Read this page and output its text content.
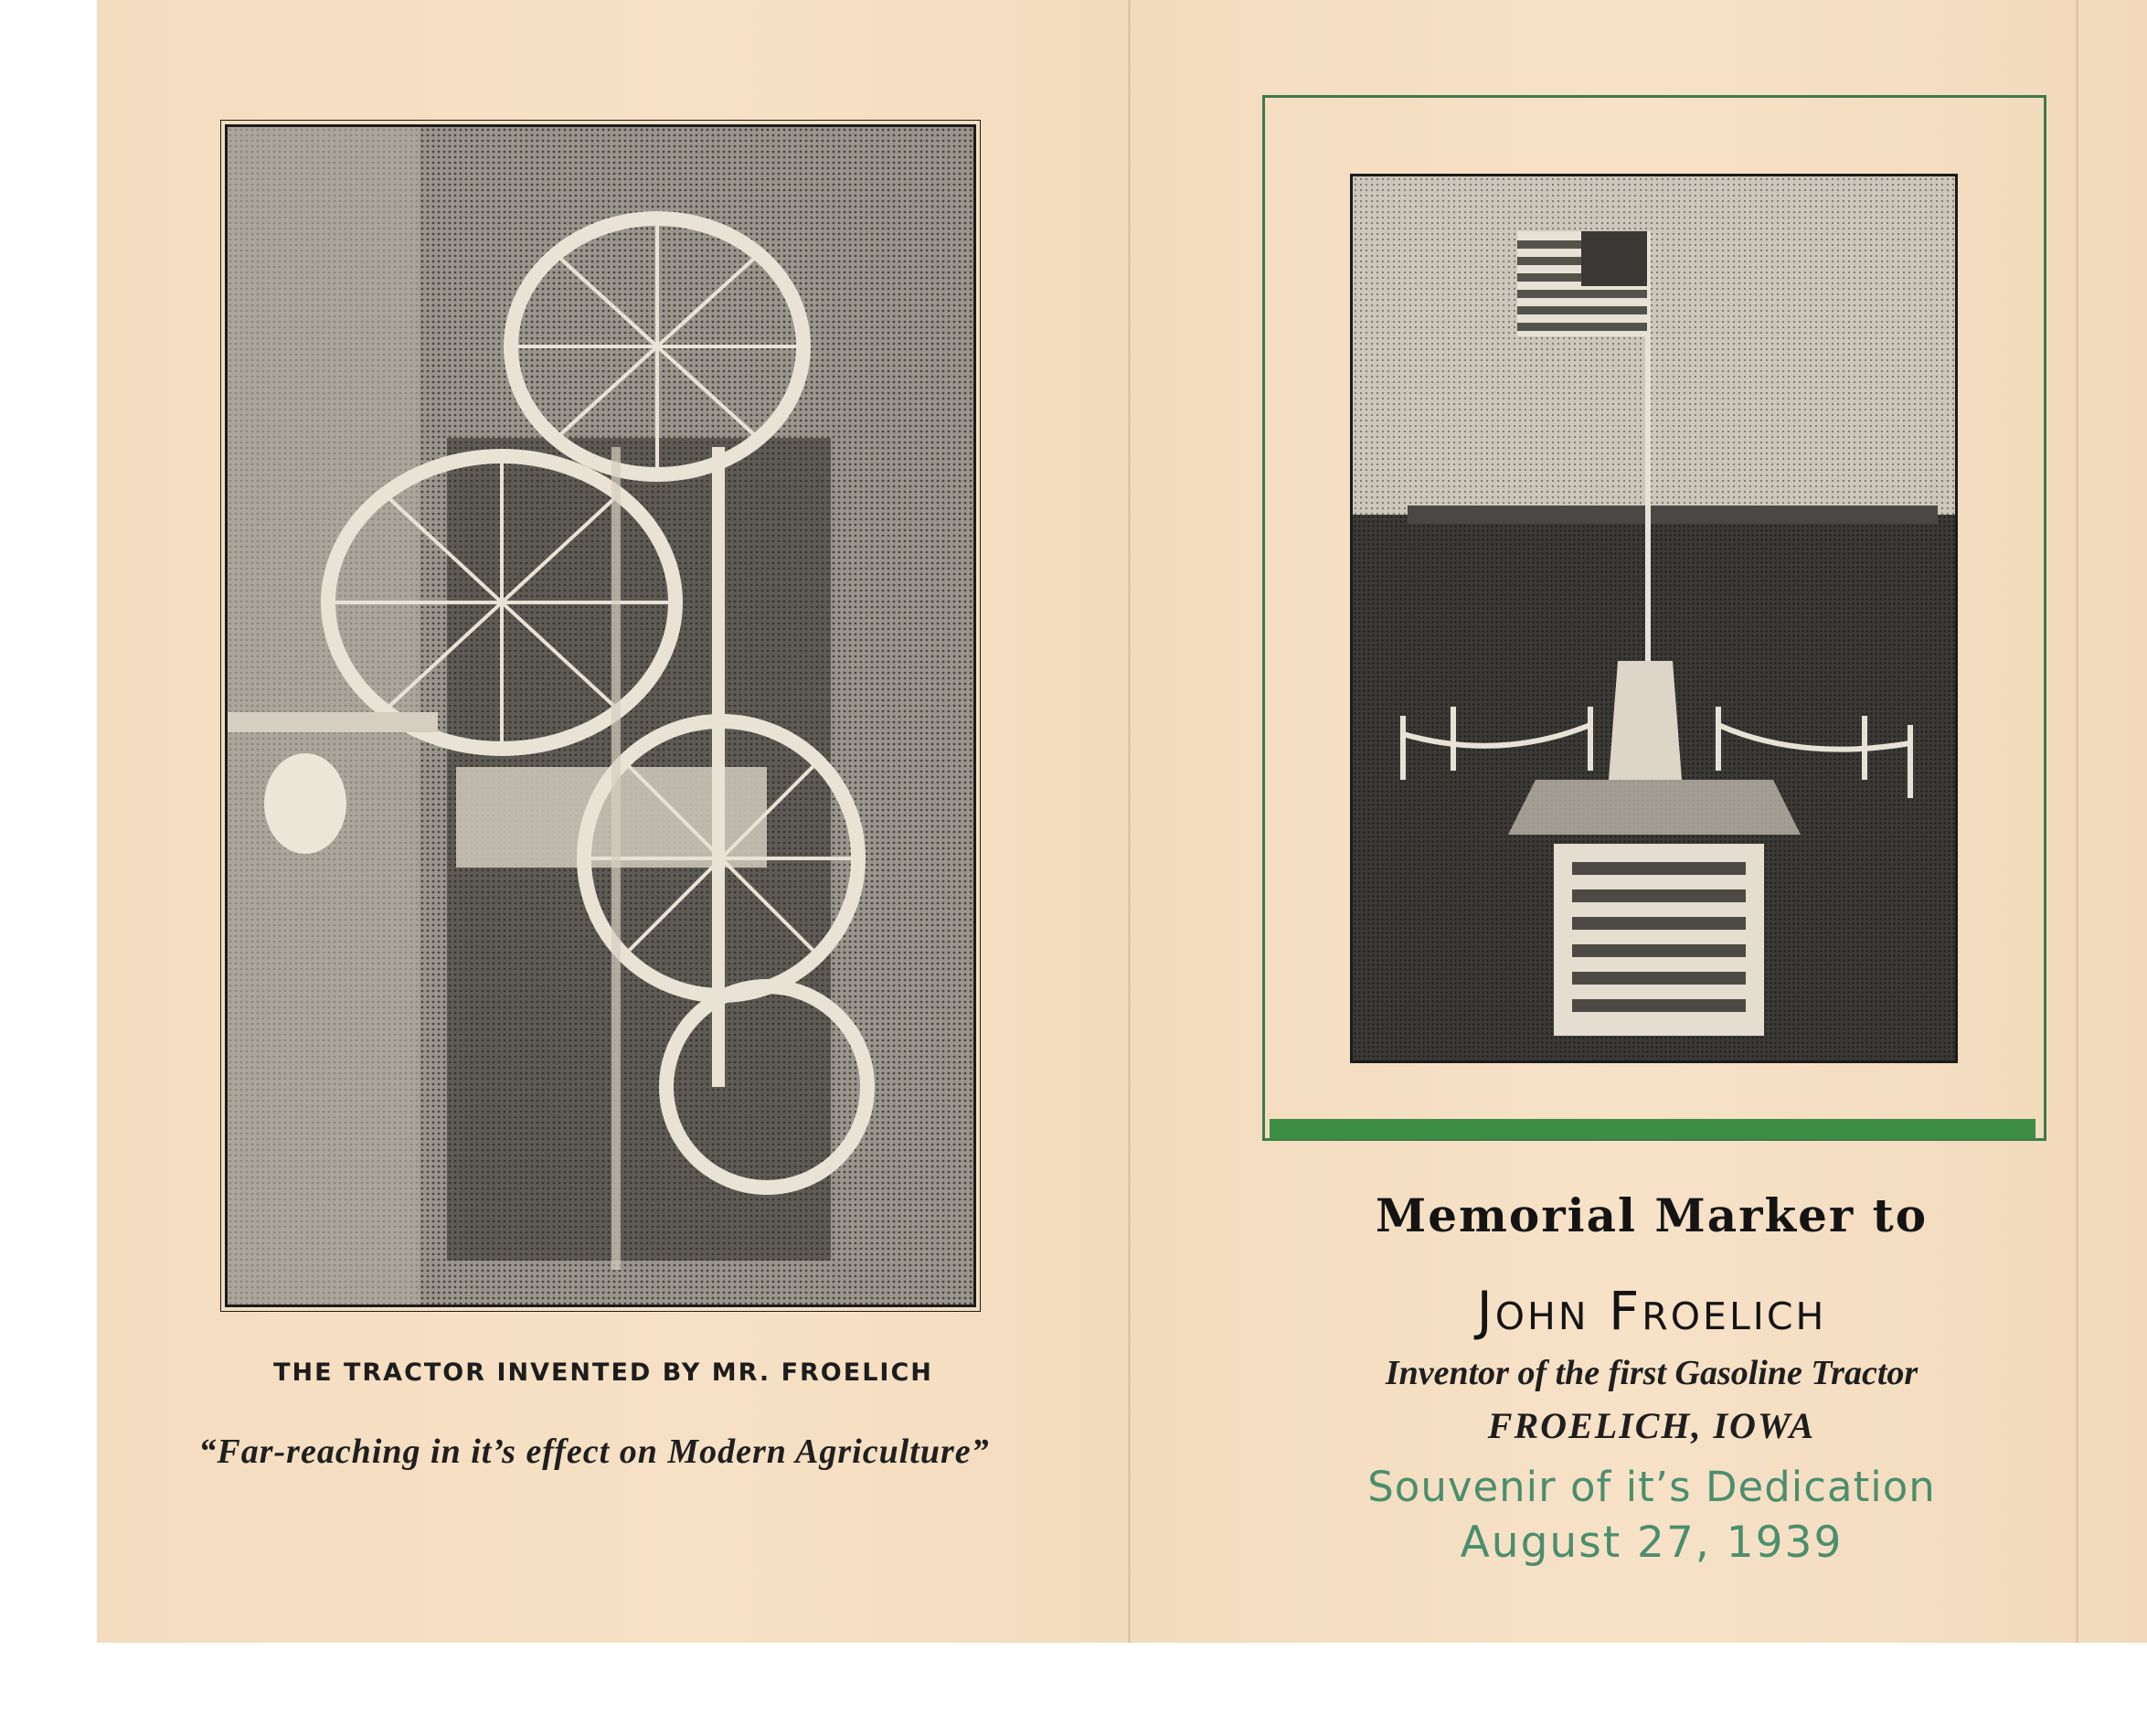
THE TRACTOR INVENTED BY MR. FROELICH
“Far-reaching in it’s effect on Modern Agriculture”
Memorial Marker to
John Froelich
Inventor of the first Gasoline Tractor
FROELICH, IOWA
Souvenir of it’s Dedication
August 27, 1939
